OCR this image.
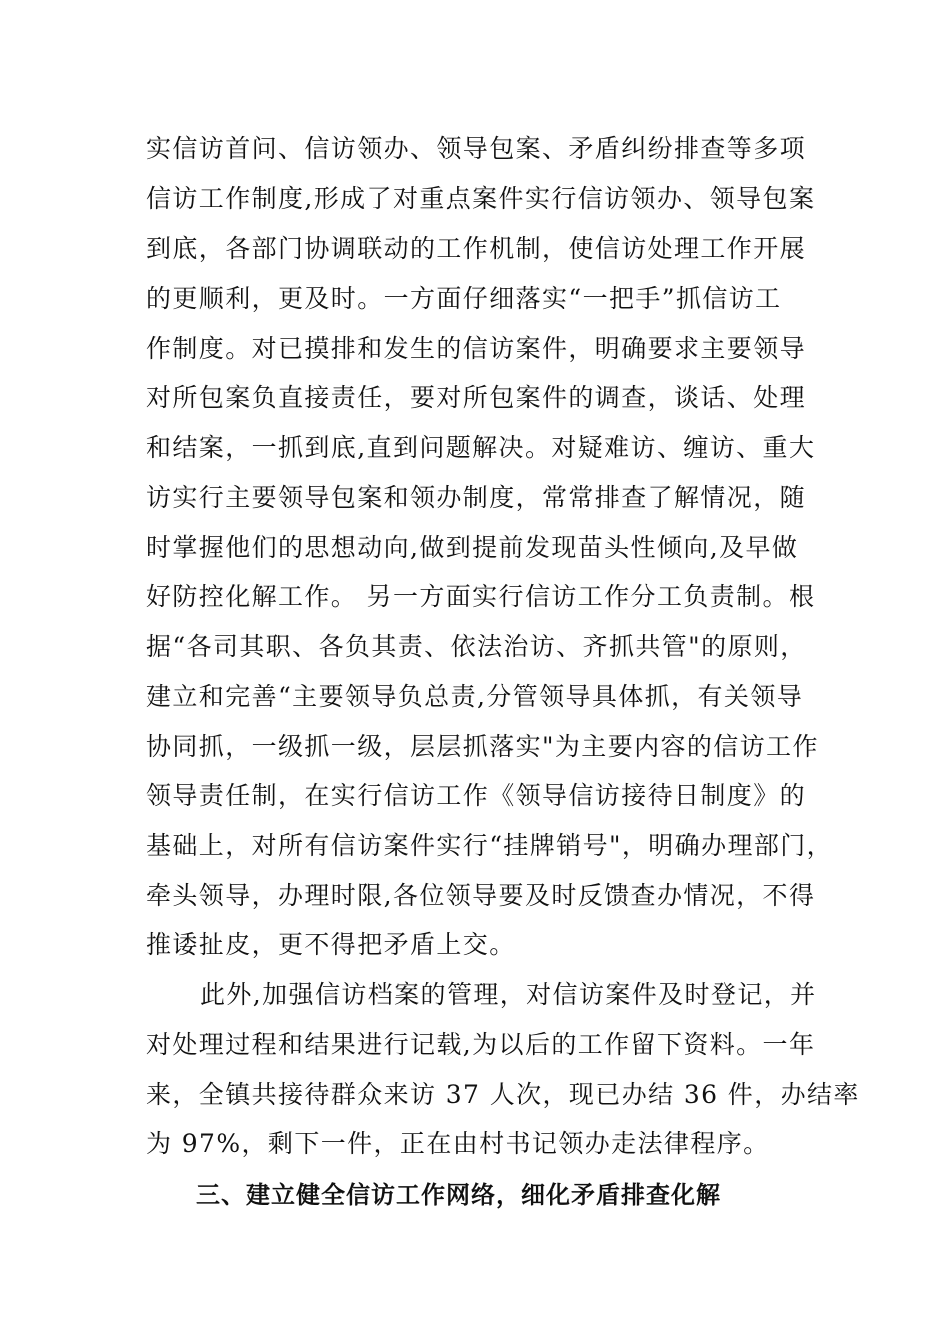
实信访首问、信访领办、领导包案、矛盾纠纷排查等多项
信访工作制度,形成了对重点案件实行信访领办、领导包案
到底，各部门协调联动的工作机制，使信访处理工作开展
的更顺利，更及时。一方面仔细落实“一把手”抓信访工
作制度。对已摸排和发生的信访案件，明确要求主要领导
对所包案负直接责任，要对所包案件的调查，谈话、处理
和结案，一抓到底,直到问题解决。对疑难访、缠访、重大
访实行主要领导包案和领办制度，常常排查了解情况，随
时掌握他们的思想动向,做到提前发现苗头性倾向,及早做
好防控化解工作。 另一方面实行信访工作分工负责制。根
据“各司其职、各负其责、依法治访、齐抓共管"的原则，
建立和完善“主要领导负总责,分管领导具体抓，有关领导
协同抓，一级抓一级，层层抓落实"为主要内容的信访工作
领导责任制，在实行信访工作《领导信访接待日制度》的
基础上，对所有信访案件实行“挂牌销号"，明确办理部门，
牵头领导，办理时限,各位领导要及时反馈查办情况，不得
推诿扯皮，更不得把矛盾上交。
此外,加强信访档案的管理，对信访案件及时登记，并
对处理过程和结果进行记载,为以后的工作留下资料。一年
来，全镇共接待群众来访 37 人次，现已办结 36 件，办结率
为 97%，剩下一件，正在由村书记领办走法律程序。
三、建立健全信访工作网络，细化矛盾排查化解
